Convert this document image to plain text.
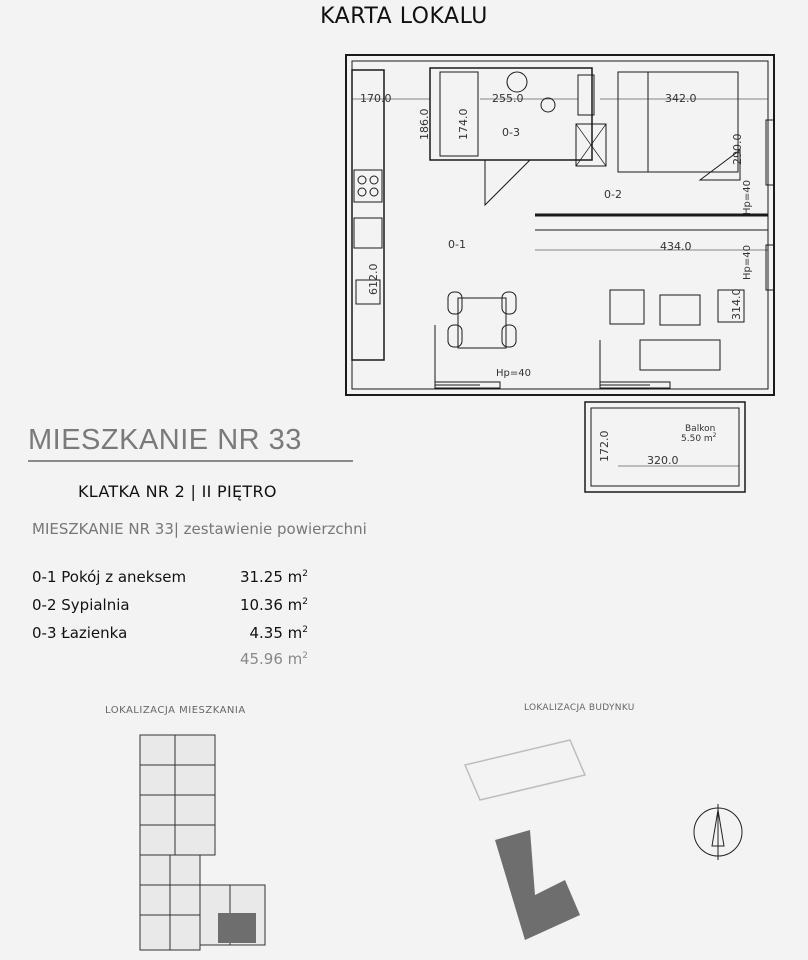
KARTA LOKALU
170.0
186.0 174.0
255.0	342.0
290.0
434.0
612.0
314.0
172.0	320.0
0-1
0-2
0-3
Hp=40
Hp=40
Hp=40
Balkon
5.50 $m^2$
MIESZKANIE NR 33
KLATKA NR 2 | II PIĘTRO
MIESZKANIE NR 33| zestawienie powierzchni
0-1 Pokój z aneksem	31.25 $m^2$
0-2 Sypialnia	10.36 $m^2$
0-3 Łazienka	4.35 $m^2$
45.96 $m^2$
LOKALIZACJA MIESZKANIA	LOKALIZACJA BUDYNKU
